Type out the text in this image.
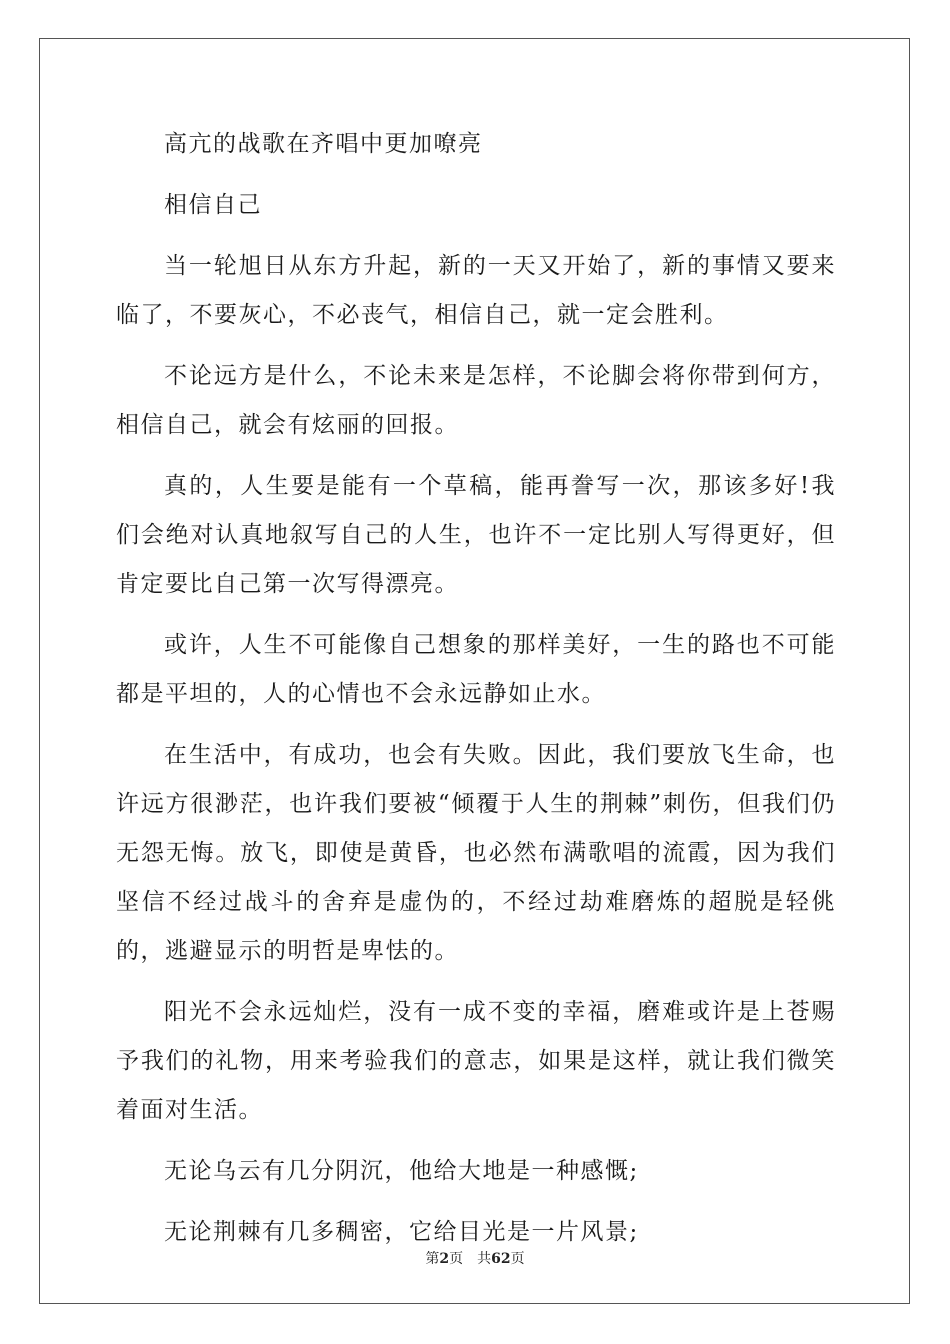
高亢的战歌在齐唱中更加嘹亮

相信自己

当一轮旭日从东方升起，新的一天又开始了，新的事情又要来临了，不要灰心，不必丧气，相信自己，就一定会胜利。

不论远方是什么，不论未来是怎样，不论脚会将你带到何方，相信自己，就会有炫丽的回报。

真的，人生要是能有一个草稿，能再誊写一次，那该多好!我们会绝对认真地叙写自己的人生，也许不一定比别人写得更好，但肯定要比自己第一次写得漂亮。

或许，人生不可能像自己想象的那样美好，一生的路也不可能都是平坦的，人的心情也不会永远静如止水。

在生活中，有成功，也会有失败。因此，我们要放飞生命，也许远方很渺茫，也许我们要被“倾覆于人生的荆棘”刺伤，但我们仍无怨无悔。放飞，即使是黄昏，也必然布满歌唱的流霞，因为我们坚信不经过战斗的舍弃是虚伪的，不经过劫难磨炼的超脱是轻佻的，逃避显示的明哲是卑怯的。

阳光不会永远灿烂，没有一成不变的幸福，磨难或许是上苍赐予我们的礼物，用来考验我们的意志，如果是这样，就让我们微笑着面对生活。

无论乌云有几分阴沉，他给大地是一种感慨;

无论荆棘有几多稠密，它给目光是一片风景;

第2页　共62页
